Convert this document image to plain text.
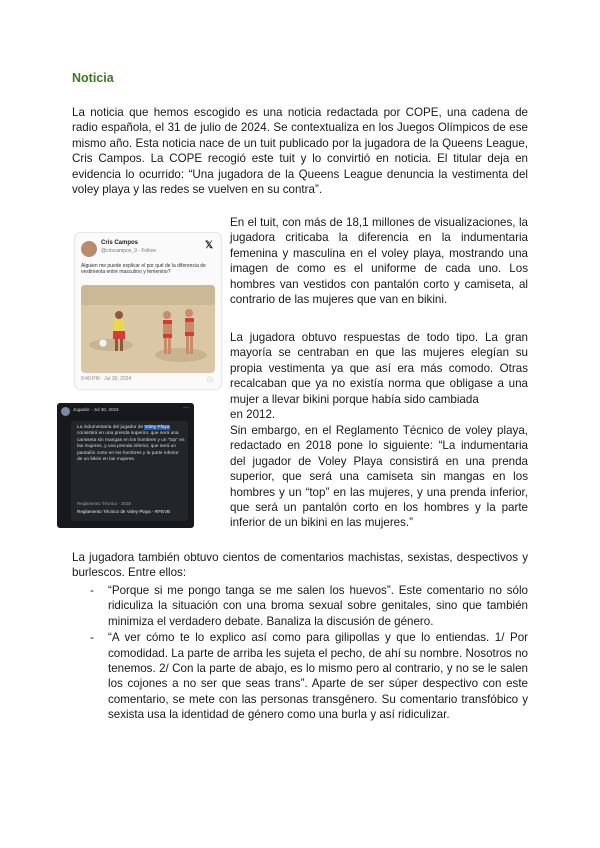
Noticia

La noticia que hemos escogido es una noticia redactada por COPE, una cadena de radio española, el 31 de julio de 2024. Se contextualiza en los Juegos Olímpicos de ese mismo año. Esta noticia nace de un tuit publicado por la jugadora de la Queens League, Cris Campos. La COPE recogió este tuit y lo convirtió en noticia. El titular deja en evidencia lo ocurrido: “Una jugadora de la Queens League denuncia la vestimenta del voley playa y las redes se vuelven en su contra”.

Cris Campos
@criscampos_9 · Follow	𝕏
Alguien me puede explicar el por qué de la diferencia de vestimenta entre masculino y femenino?
9:40 PM · Jul 30, 2024	ⓘ
Jugador · Jul 30, 2024	···
La indumentaria del jugador de Voley Playa consistirá en una prenda superior, que será una camiseta sin mangas en los hombres y un “top” en las mujeres, y una prenda inferior, que será un pantalón corto en los hombres y la parte inferior de un bikini en las mujeres.
Reglamento Técnico · 2018
Reglamento Técnico de Voley Playa - RFEVB

En el tuit, con más de 18,1 millones de visualizaciones, la jugadora criticaba la diferencia en la indumentaria femenina y masculina en el voley playa, mostrando una imagen de como es el uniforme de cada uno. Los hombres van vestidos con pantalón corto y camiseta, al contrario de las mujeres que van en bikini.

La jugadora obtuvo respuestas de todo tipo. La gran mayoría se centraban en que las mujeres elegían su propia vestimenta ya que así era más comodo. Otras recalcaban que ya no existía norma que obligase a una mujer a llevar bikini porque había sido cambiada

en 2012.

Sin embargo, en el Reglamento Técnico de voley playa, redactado en 2018 pone lo siguiente: “La indumentaria del jugador de Voley Playa consistirá en una prenda superior, que será una camiseta sin mangas en los hombres y un “top” en las mujeres, y una prenda inferior, que será un pantalón corto en los hombres y la parte inferior de un bikini en las mujeres.”

La jugadora también obtuvo cientos de comentarios machistas, sexistas, despectivos y burlescos. Entre ellos:

- “Porque si me pongo tanga se me salen los huevos”. Este comentario no sólo ridiculiza la situación con una broma sexual sobre genitales, sino que también minimiza el verdadero debate. Banaliza la discusión de género.
- “A ver cómo te lo explico así como para gilipollas y que lo entiendas. 1/ Por comodidad. La parte de arriba les sujeta el pecho, de ahí su nombre. Nosotros no tenemos. 2/ Con la parte de abajo, es lo mismo pero al contrario, y no se le salen los cojones a no ser que seas trans”. Aparte de ser súper despectivo con este comentario, se mete con las personas transgénero. Su comentario transfóbico y sexista usa la identidad de género como una burla y así ridiculizar.
